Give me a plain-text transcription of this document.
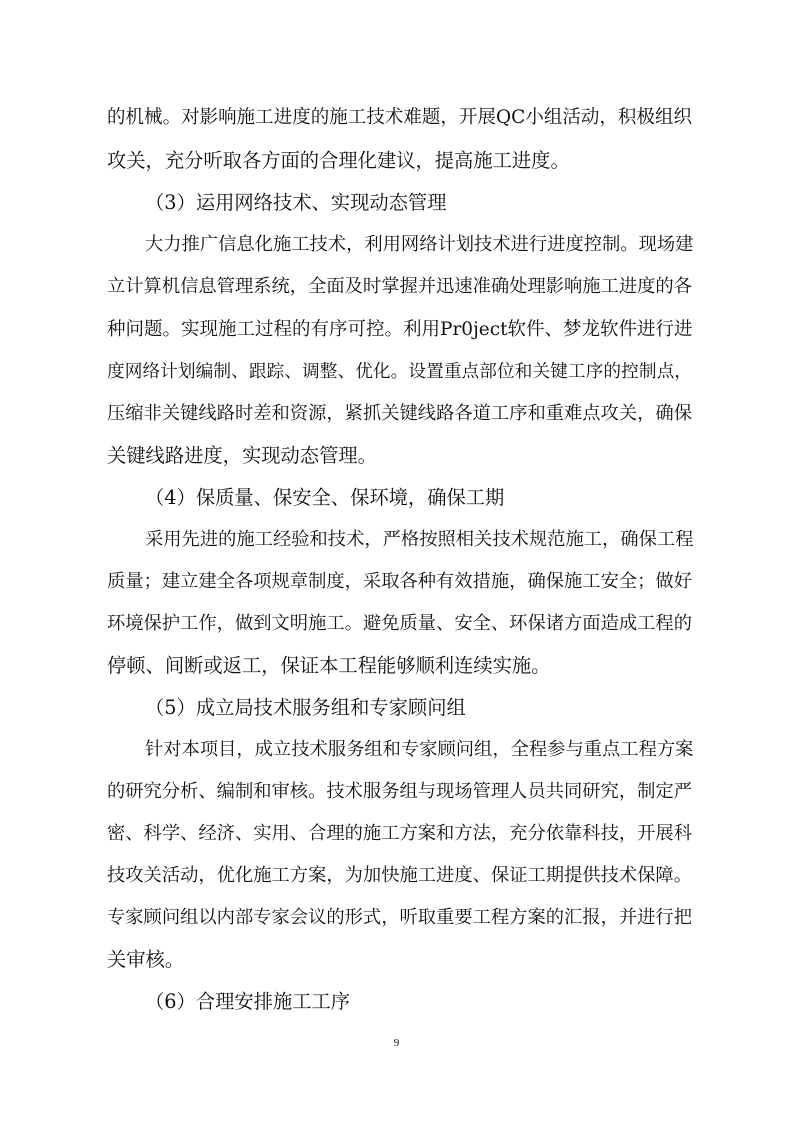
的机械。对影响施工进度的施工技术难题，开展QC小组活动，积极组织

攻关，充分听取各方面的合理化建议，提高施工进度。

（3）运用网络技术、实现动态管理

大力推广信息化施工技术，利用网络计划技术进行进度控制。现场建

立计算机信息管理系统，全面及时掌握并迅速准确处理影响施工进度的各

种问题。实现施工过程的有序可控。利用Pr0ject软件、梦龙软件进行进

度网络计划编制、跟踪、调整、优化。设置重点部位和关键工序的控制点，

压缩非关键线路时差和资源，紧抓关键线路各道工序和重难点攻关，确保

关键线路进度，实现动态管理。

（4）保质量、保安全、保环境，确保工期

采用先进的施工经验和技术，严格按照相关技术规范施工，确保工程

质量；建立建全各项规章制度，采取各种有效措施，确保施工安全；做好

环境保护工作，做到文明施工。避免质量、安全、环保诸方面造成工程的

停顿、间断或返工，保证本工程能够顺利连续实施。

（5）成立局技术服务组和专家顾问组

针对本项目，成立技术服务组和专家顾问组，全程参与重点工程方案

的研究分析、编制和审核。技术服务组与现场管理人员共同研究，制定严

密、科学、经济、实用、合理的施工方案和方法，充分依靠科技，开展科

技攻关活动，优化施工方案，为加快施工进度、保证工期提供技术保障。

专家顾问组以内部专家会议的形式，听取重要工程方案的汇报，并进行把

关审核。

（6）合理安排施工工序

9
